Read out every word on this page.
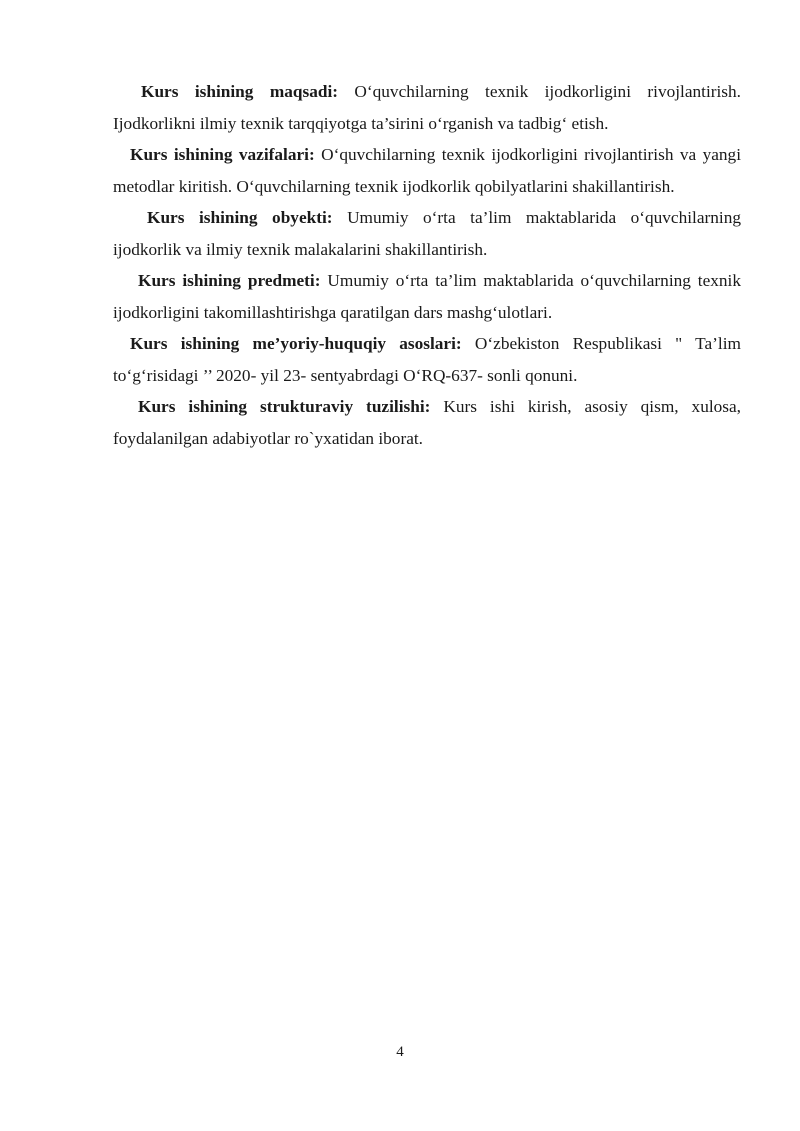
Kurs ishining maqsadi: O‘quvchilarning texnik ijodkorligini rivojlantirish. Ijodkorlikni ilmiy texnik tarqqiyotga ta’sirini o‘rganish va tadbig‘ etish.

Kurs ishining vazifalari: O‘quvchilarning texnik ijodkorligini rivojlantirish va yangi metodlar kiritish. O‘quvchilarning texnik ijodkorlik qobilyatlarini shakillantirish.

Kurs ishining obyekti: Umumiy o‘rta ta’lim maktablarida o‘quvchilarning ijodkorlik va ilmiy texnik malakalarini shakillantirish.

Kurs ishining predmeti: Umumiy o‘rta ta’lim maktablarida o‘quvchilarning texnik ijodkorligini takomillashtirishga qaratilgan dars mashg‘ulotlari.

Kurs ishining me’yoriy-huquqiy asoslari: O‘zbekiston Respublikasi " Ta’lim to‘g‘risidagi ’’ 2020- yil 23- sentyabrdagi O‘RQ-637- sonli qonuni.

Kurs ishining strukturaviy tuzilishi: Kurs ishi kirish, asosiy qism, xulosa, foydalanilgan adabiyotlar ro`yxatidan iborat.

4
